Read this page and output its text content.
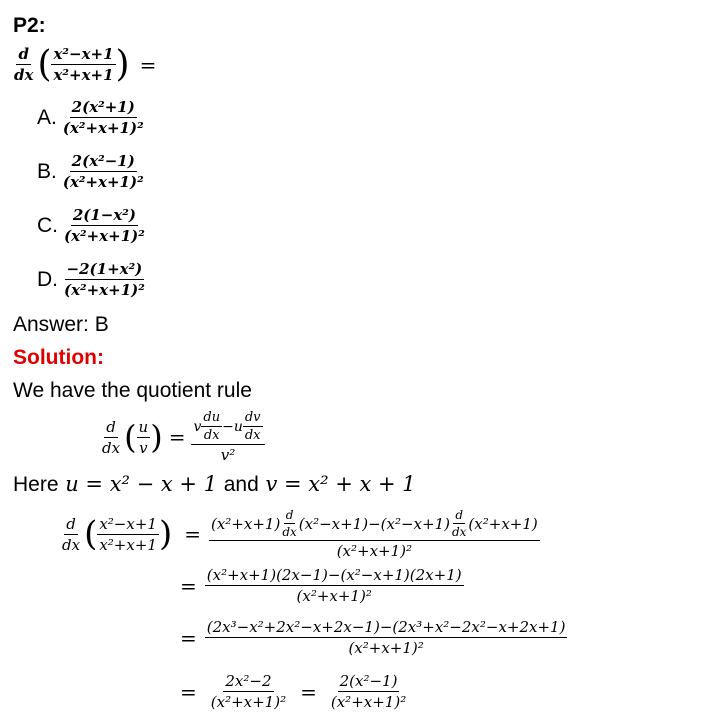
P2:
$\frac{d}{dx}$ ( $\frac{\text{x²−x+1}}{\text{x²+x+1}}$ ) =
A. $\frac{\text{2(x²+1)}}{\text{(x²+x+1)²}}$
B. $\frac{\text{2(x²−1)}}{\text{(x²+x+1)²}}$
C. $\frac{\text{2(1−x²)}}{\text{(x²+x+1)²}}$
D. $\frac{\text{−2(1+x²)}}{\text{(x²+x+1)²}}$
Answer: B
Solution:
We have the quotient rule
$\frac{d}{dx}$ ( $\frac{u}{v}$ ) = v $\frac{du}{dx} - u \frac{dv}{dx}$
v²
Here u = x² − x + 1 and v = x² + x + 1
$\frac{d}{dx}$ ( $\frac{\text{x²−x+1}}{\text{x²+x+1}}$ ) = $(x^2+x+1) \frac{d}{dx} (x^2-x+1)-(x^2-x+1) \frac{d}{dx} (x^2+x+1)$
(x²+x+1)²
= $\frac{\text{(x²+x+1)(2x−1)−(x²−x+1)(2x+1)}}{\text{(x²+x+1)²}}$
= $\frac{\text{(2x³−x²+2x²−x+2x−1)−(2x³+x²−2x²−x+2x+1)}}{\text{(x²+x+1)²}}$
= $\frac{\text{2x²−2}}{\text{(x²+x+1)²}} = \frac{\text{2(x²−1)}}{\text{(x²+x+1)²}}$
